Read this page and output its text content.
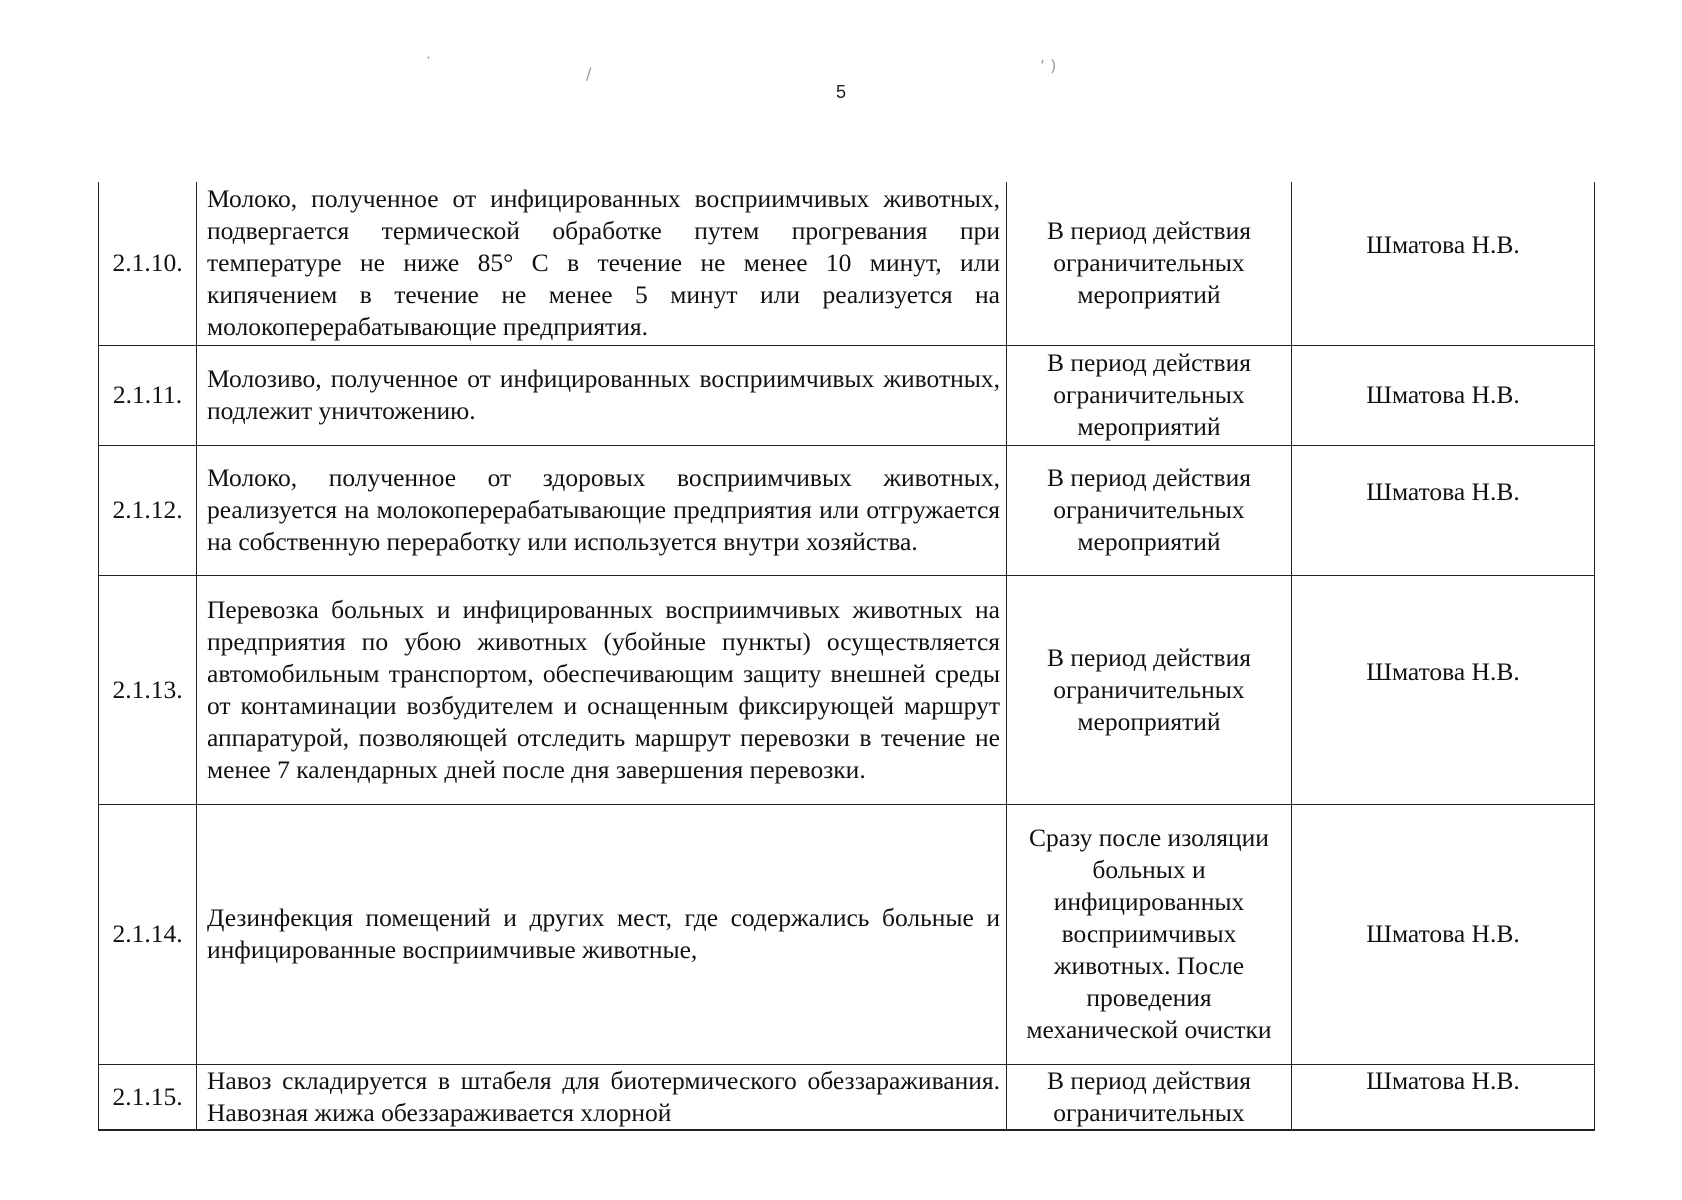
5
·
/	‘ )
2.1.10.	Молоко, полученное от инфицированных восприимчивых животных, подвергается термической обработке путем прогревания при температуре не ниже 85° С в течение не менее 10 минут, или кипячением в течение не менее 5 минут или реализуется на молокоперерабатывающие предприятия.	В период действия ограничительных мероприятий	Шматова Н.В.
2.1.11.	Молозиво, полученное от инфицированных восприимчивых животных, подлежит уничтожению.	В период действия ограничительных мероприятий	Шматова Н.В.
2.1.12.	Молоко, полученное от здоровых восприимчивых животных, реализуется на молокоперерабатывающие предприятия или отгружается на собственную переработку или используется внутри хозяйства.	В период действия ограничительных мероприятий	Шматова Н.В.
2.1.13.	Перевозка больных и инфицированных восприимчивых животных на предприятия по убою животных (убойные пункты) осуществляется автомобильным транспортом, обеспечивающим защиту внешней среды от контаминации возбудителем и оснащенным фиксирующей маршрут аппаратурой, позволяющей отследить маршрут перевозки в течение не менее 7 календарных дней после дня завершения перевозки.	В период действия ограничительных мероприятий	Шматова Н.В.
2.1.14.	Дезинфекция помещений и других мест, где содержались больные и инфицированные восприимчивые животные,	Сразу после изоляции больных и инфицированных восприимчивых животных. После проведения механической очистки	Шматова Н.В.
2.1.15.	Навоз складируется в штабеля для биотермического обеззараживания. Навозная жижа обеззараживается хлорной	В период действия ограничительных	Шматова Н.В.
